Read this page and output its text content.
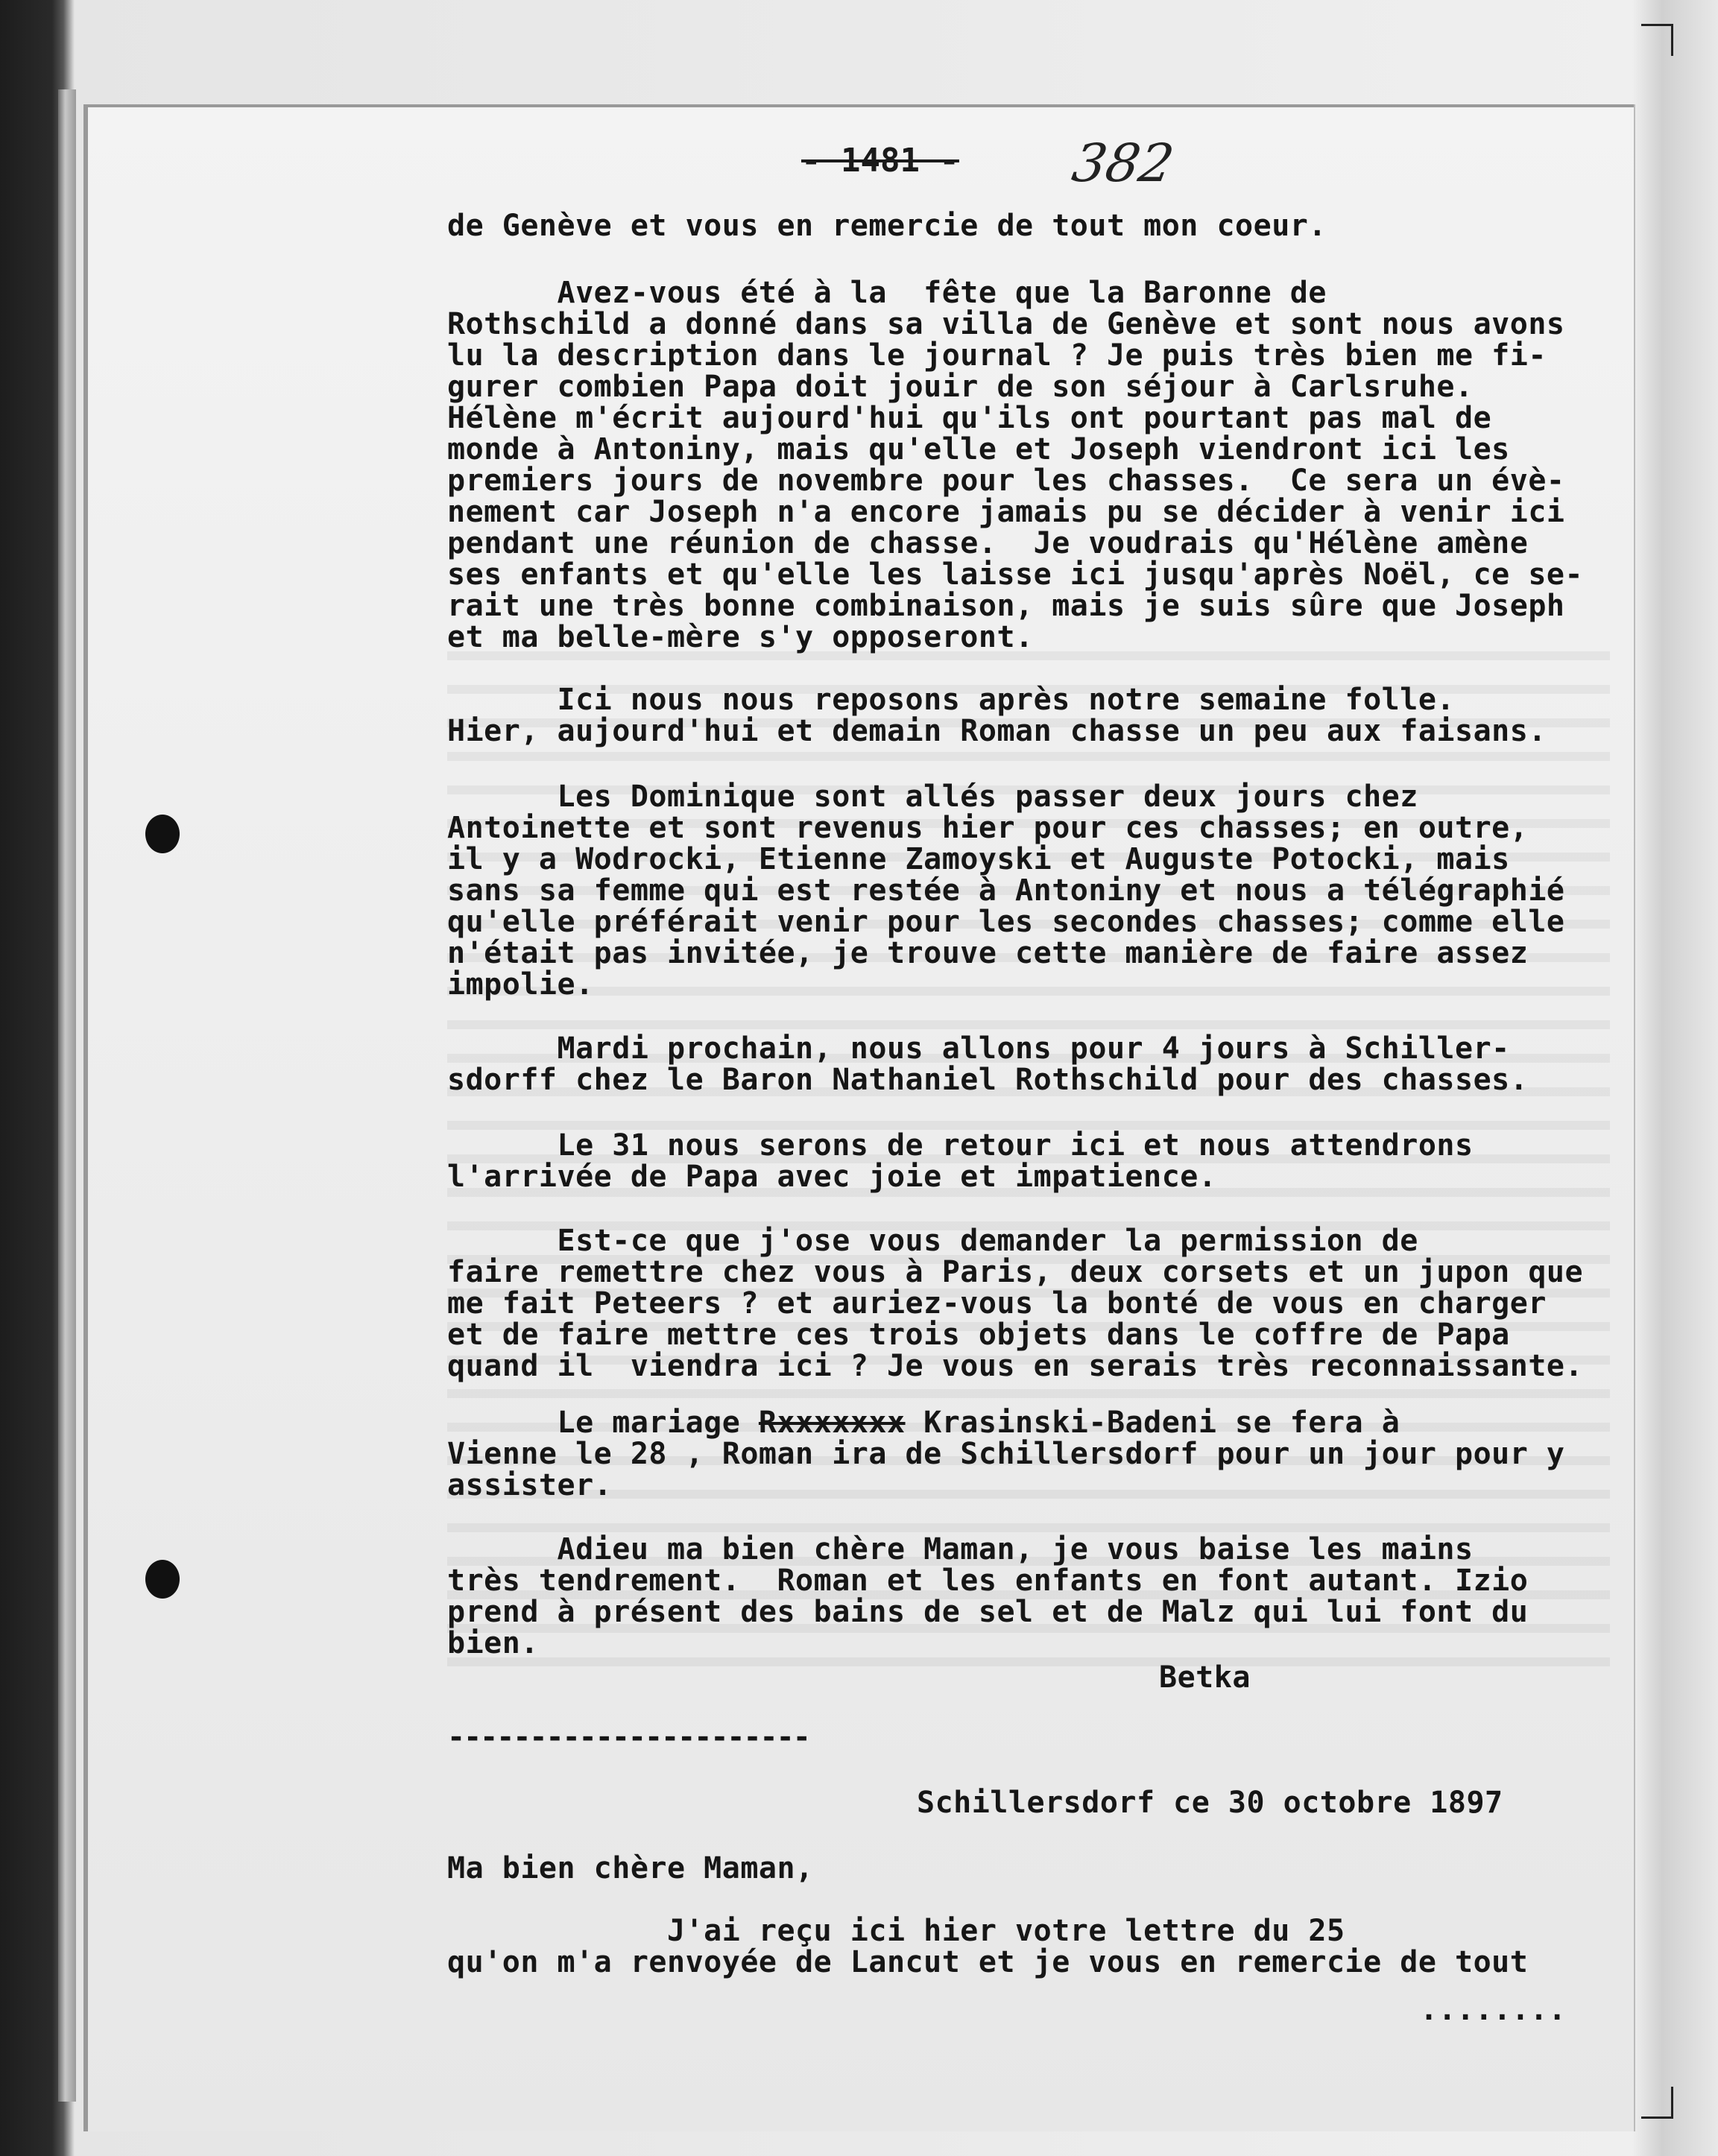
- 1481 - 382
de Genève et vous en remercie de tout mon coeur.
Avez-vous été à la  fête que la Baronne de
Rothschild a donné dans sa villa de Genève et sont nous avons
lu la description dans le journal ? Je puis très bien me fi-
gurer combien Papa doit jouir de son séjour à Carlsruhe.
Hélène m'écrit aujourd'hui qu'ils ont pourtant pas mal de
monde à Antoniny, mais qu'elle et Joseph viendront ici les
premiers jours de novembre pour les chasses.  Ce sera un évè-
nement car Joseph n'a encore jamais pu se décider à venir ici
pendant une réunion de chasse.  Je voudrais qu'Hélène amène
ses enfants et qu'elle les laisse ici jusqu'après Noël, ce se-
rait une très bonne combinaison, mais je suis sûre que Joseph
et ma belle-mère s'y opposeront.
Ici nous nous reposons après notre semaine folle.
Hier, aujourd'hui et demain Roman chasse un peu aux faisans.
Les Dominique sont allés passer deux jours chez
Antoinette et sont revenus hier pour ces chasses; en outre,
il y a Wodrocki, Etienne Zamoyski et Auguste Potocki, mais
sans sa femme qui est restée à Antoniny et nous a télégraphié
qu'elle préférait venir pour les secondes chasses; comme elle
n'était pas invitée, je trouve cette manière de faire assez
impolie.
Mardi prochain, nous allons pour 4 jours à Schiller-
sdorff chez le Baron Nathaniel Rothschild pour des chasses.
Le 31 nous serons de retour ici et nous attendrons
l'arrivée de Papa avec joie et impatience.
Est-ce que j'ose vous demander la permission de
faire remettre chez vous à Paris, deux corsets et un jupon que
me fait Peteers ? et auriez-vous la bonté de vous en charger
et de faire mettre ces trois objets dans le coffre de Papa
quand il  viendra ici ? Je vous en serais très reconnaissante.
Le mariage Rxxxxxxx Krasinski-Badeni se fera à
Vienne le 28 , Roman ira de Schillersdorf pour un jour pour y
assister.
Adieu ma bien chère Maman, je vous baise les mains
très tendrement.  Roman et les enfants en font autant. Izio
prend à présent des bains de sel et de Malz qui lui font du
bien.
Betka
----------------------
Schillersdorf ce 30 octobre 1897
Ma bien chère Maman,
J'ai reçu ici hier votre lettre du 25
qu'on m'a renvoyée de Lancut et je vous en remercie de tout
........
